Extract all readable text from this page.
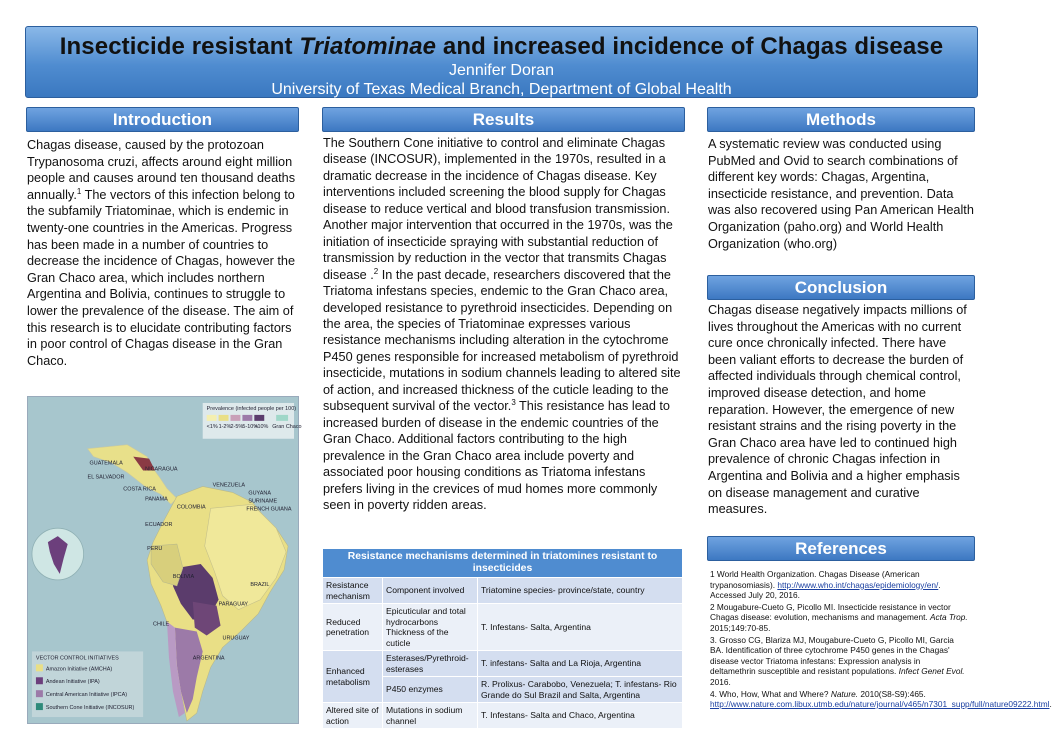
Insecticide resistant Triatominae and increased incidence of Chagas disease
Jennifer Doran
University of Texas Medical Branch, Department of Global Health
Introduction
Chagas disease, caused by the protozoan Trypanosoma cruzi, affects around eight million people and causes around ten thousand deaths annually.$^1$ The vectors of this infection belong to the subfamily Triatominae, which is endemic in twenty-one countries in the Americas. Progress has been made in a number of countries to decrease the incidence of Chagas, however the Gran Chaco area, which includes northern Argentina and Bolivia, continues to struggle to lower the prevalence of the disease. The aim of this research is to elucidate contributing factors in poor control of Chagas disease in the Gran Chaco.
Prevalence (infected people per 100)
<1% 1-2% 2-5% 5-10%
>10% Gran Chaco
GUATEMALA
EL SALVADOR
NICARAGUA
COSTA RICA
PANAMA
VENEZUELA
GUYANA
SURINAME
FRENCH GUIANA
COLOMBIA
ECUADOR
PERU
BRAZIL
BOLIVIA
PARAGUAY
CHILE
URUGUAY
ARGENTINA
VECTOR CONTROL INITIATIVES
Amazon Initiative (AMCHA)
Andean Initiative (IPA)
Central American Initiative (IPCA)
Southern Cone Initiative (INCOSUR)
Results
The Southern Cone initiative to control and eliminate Chagas disease (INCOSUR), implemented in the 1970s, resulted in a dramatic decrease in the incidence of Chagas disease. Key interventions included screening the blood supply for Chagas disease to reduce vertical and blood transfusion transmission. Another major intervention that occurred in the 1970s, was the initiation of insecticide spraying with substantial reduction of transmission by reduction in the vector that transmits Chagas disease .$^2$ In the past decade, researchers discovered that the Triatoma infestans species, endemic to the Gran Chaco area, developed resistance to pyrethroid insecticides. Depending on the area, the species of Triatominae expresses various resistance mechanisms including alteration in the cytochrome P450 genes responsible for increased metabolism of pyrethroid insecticide, mutations in sodium channels leading to altered site of action, and increased thickness of the cuticle leading to the subsequent survival of the vector.$^3$ This resistance has lead to increased burden of disease in the endemic countries of the Gran Chaco. Additional factors contributing to the high prevalence in the Gran Chaco area include poverty and associated poor housing conditions as Triatoma infestans prefers living in the crevices of mud homes more commonly seen in poverty ridden areas.
Resistance mechanisms determined in triatomines resistant to insecticides		
Resistance mechanism	Component involved	Triatomine species- province/state, country
Reduced penetration	Epicuticular and total hydrocarbons Thickness of the cuticle	T. Infestans- Salta, Argentina
Enhanced metabolism	Esterases/Pyrethroid-esterases	T. infestans- Salta and La Rioja, Argentina
	P450 enzymes	R. Prolixus- Carabobo, Venezuela; T. infestans- Rio Grande do Sul Brazil and Salta, Argentina
Altered site of action	Mutations in sodium channel	T. Infestans- Salta and Chaco, Argentina
Methods
A systematic review was conducted using PubMed and Ovid to search combinations of different key words: Chagas, Argentina, insecticide resistance, and prevention. Data was also recovered using Pan American Health Organization (paho.org) and World Health Organization (who.org)
Conclusion
Chagas disease negatively impacts millions of lives throughout the Americas with no current cure once chronically infected. There have been valiant efforts to decrease the burden of affected individuals through chemical control, improved disease detection, and home reparation. However, the emergence of new resistant strains and the rising poverty in the Gran Chaco area have led to continued high prevalence of chronic Chagas infection in Argentina and Bolivia and a higher emphasis on disease management and curative measures.
References

1 World Health Organization. Chagas Disease (American trypanosomiasis). http://www.who.int/chagas/epidemiology/en/. Accessed July 20, 2016.

2 Mougabure-Cueto G, Picollo MI. Insecticide resistance in vector Chagas disease: evolution, mechanisms and management. Acta Trop. 2015;149:70-85.

3. Grosso CG, Blariza MJ, Mougabure-Cueto G, Picollo MI, Garcia BA. Identification of three cytochrome P450 genes in the Chagas' disease vector Triatoma infestans: Expression analysis in deltamethrin susceptible and resistant populations. Infect Genet Evol. 2016.

4. Who, How, What and Where? Nature. 2010(S8-S9):465. http://www.nature.com.libux.utmb.edu/nature/journal/v465/n7301_supp/full/nature09222.html.
